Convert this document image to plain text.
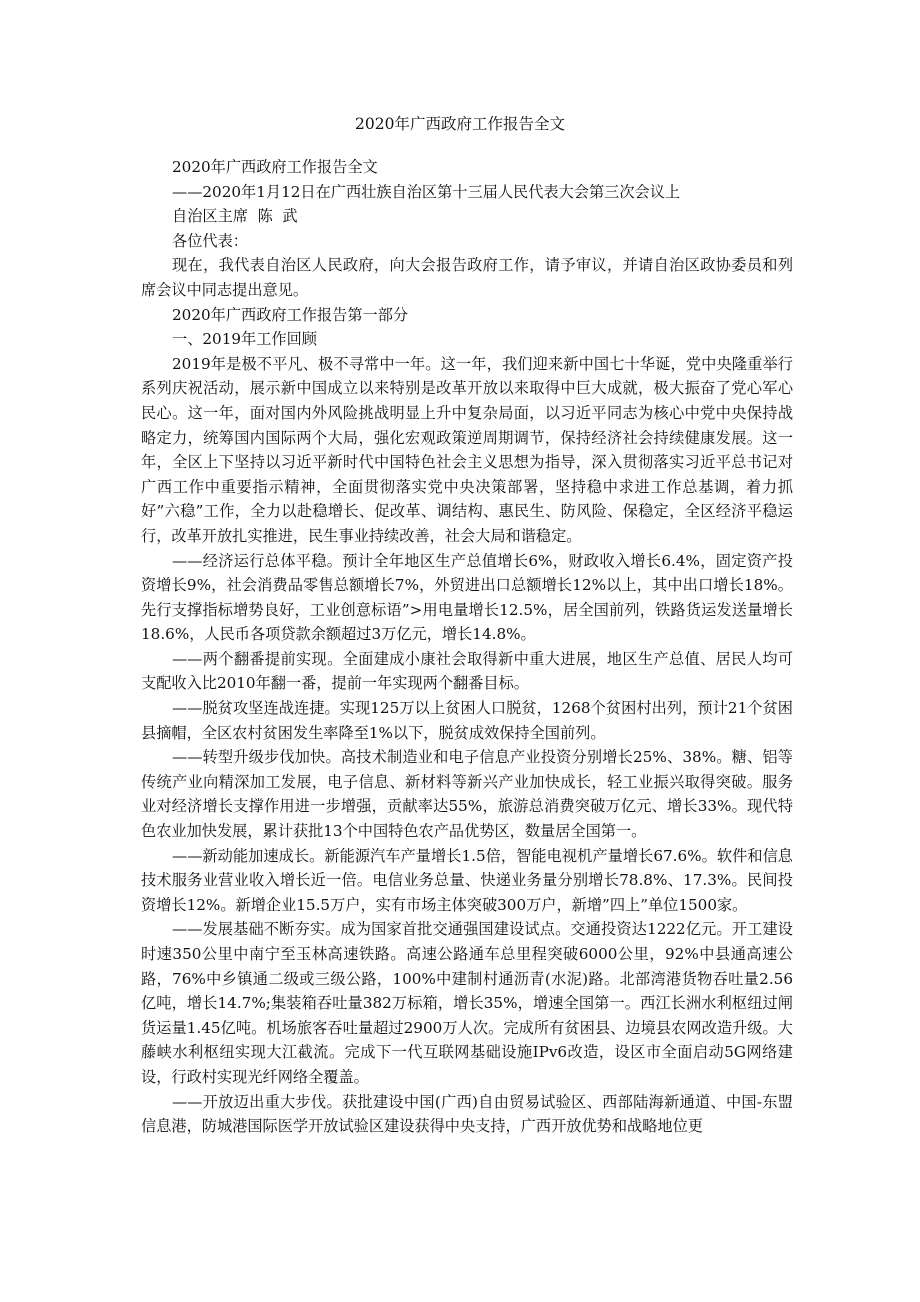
2020年广西政府工作报告全文

2020年广西政府工作报告全文

——2020年1月12日在广西壮族自治区第十三届人民代表大会第三次会议上

自治区主席  陈  武

各位代表：

现在，我代表自治区人民政府，向大会报告政府工作，请予审议，并请自治区政协委员和列席会议中同志提出意见。

2020年广西政府工作报告第一部分

一、2019年工作回顾

2019年是极不平凡、极不寻常中一年。这一年，我们迎来新中国七十华诞，党中央隆重举行系列庆祝活动，展示新中国成立以来特别是改革开放以来取得中巨大成就，极大振奋了党心军心民心。这一年，面对国内外风险挑战明显上升中复杂局面，以习近平同志为核心中党中央保持战略定力，统筹国内国际两个大局，强化宏观政策逆周期调节，保持经济社会持续健康发展。这一年，全区上下坚持以习近平新时代中国特色社会主义思想为指导，深入贯彻落实习近平总书记对广西工作中重要指示精神，全面贯彻落实党中央决策部署，坚持稳中求进工作总基调，着力抓好”六稳”工作，全力以赴稳增长、促改革、调结构、惠民生、防风险、保稳定，全区经济平稳运行，改革开放扎实推进，民生事业持续改善，社会大局和谐稳定。

——经济运行总体平稳。预计全年地区生产总值增长6%，财政收入增长6.4%，固定资产投资增长9%，社会消费品零售总额增长7%，外贸进出口总额增长12%以上，其中出口增长18%。先行支撑指标增势良好，工业创意标语”>用电量增长12.5%，居全国前列，铁路货运发送量增长18.6%，人民币各项贷款余额超过3万亿元，增长14.8%。

——两个翻番提前实现。全面建成小康社会取得新中重大进展，地区生产总值、居民人均可支配收入比2010年翻一番，提前一年实现两个翻番目标。

——脱贫攻坚连战连捷。实现125万以上贫困人口脱贫，1268个贫困村出列，预计21个贫困县摘帽，全区农村贫困发生率降至1%以下，脱贫成效保持全国前列。

——转型升级步伐加快。高技术制造业和电子信息产业投资分别增长25%、38%。糖、铝等传统产业向精深加工发展，电子信息、新材料等新兴产业加快成长，轻工业振兴取得突破。服务业对经济增长支撑作用进一步增强，贡献率达55%，旅游总消费突破万亿元、增长33%。现代特色农业加快发展，累计获批13个中国特色农产品优势区，数量居全国第一。

——新动能加速成长。新能源汽车产量增长1.5倍，智能电视机产量增长67.6%。软件和信息技术服务业营业收入增长近一倍。电信业务总量、快递业务量分别增长78.8%、17.3%。民间投资增长12%。新增企业15.5万户，实有市场主体突破300万户，新增”四上”单位1500家。

——发展基础不断夯实。成为国家首批交通强国建设试点。交通投资达1222亿元。开工建设时速350公里中南宁至玉林高速铁路。高速公路通车总里程突破6000公里，92%中县通高速公路，76%中乡镇通二级或三级公路，100%中建制村通沥青(水泥)路。北部湾港货物吞吐量2.56亿吨，增长14.7%;集装箱吞吐量382万标箱，增长35%，增速全国第一。西江长洲水利枢纽过闸货运量1.45亿吨。机场旅客吞吐量超过2900万人次。完成所有贫困县、边境县农网改造升级。大藤峡水利枢纽实现大江截流。完成下一代互联网基础设施IPv6改造，设区市全面启动5G网络建设，行政村实现光纤网络全覆盖。

——开放迈出重大步伐。获批建设中国(广西)自由贸易试验区、西部陆海新通道、中国-东盟信息港，防城港国际医学开放试验区建设获得中央支持，广西开放优势和战略地位更
